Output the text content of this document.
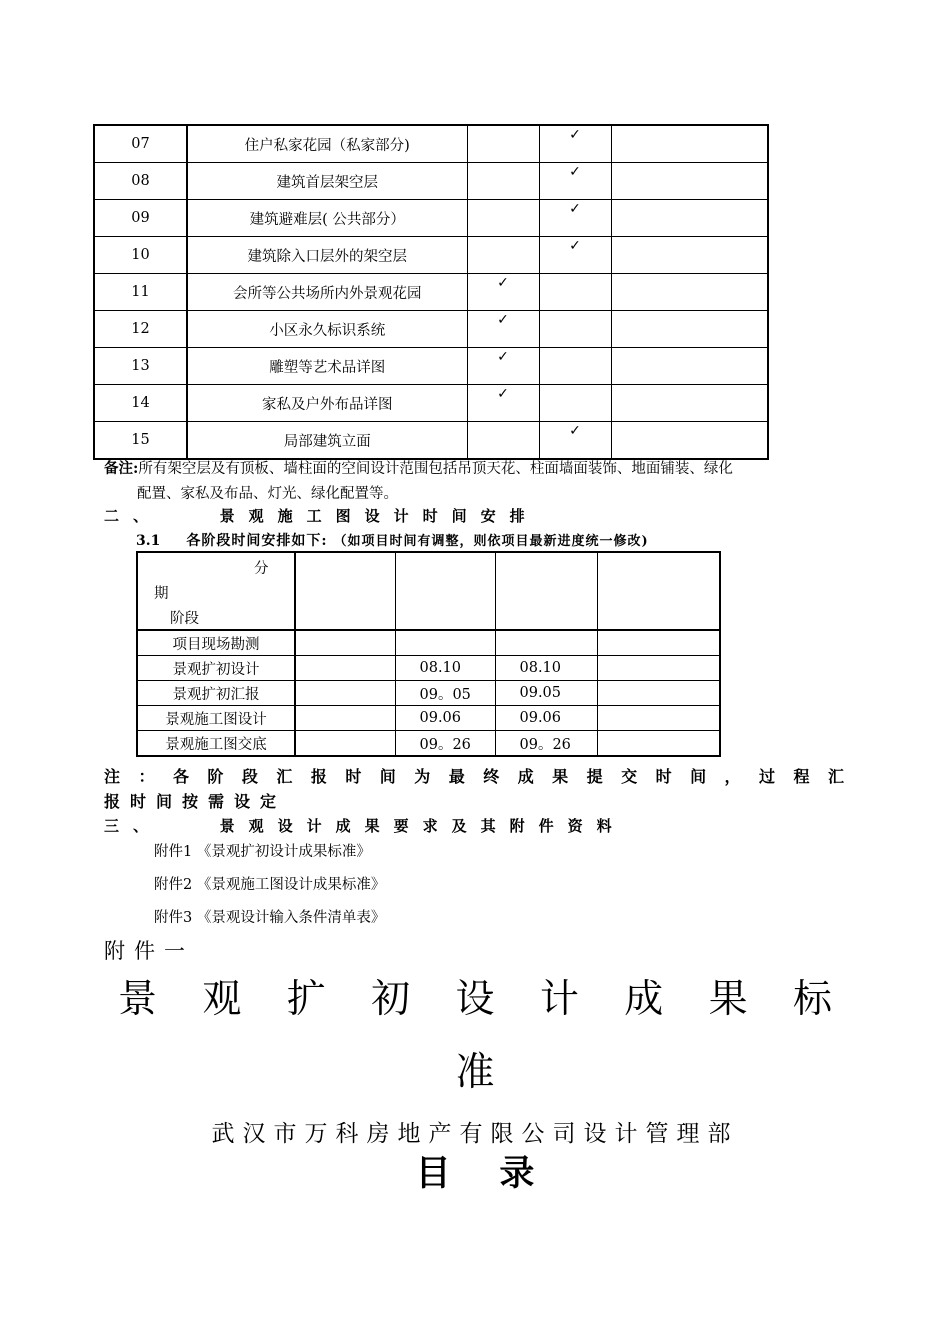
07	住户私家花园（私家部分)		✓	
08	建筑首层架空层		✓	
09	建筑避难层( 公共部分）		✓	
10	建筑除入口层外的架空层		✓	
11	会所等公共场所内外景观花园	✓		
12	小区永久标识系统	✓		
13	雕塑等艺术品详图	✓		
14	家私及户外布品详图	✓		
15	局部建筑立面		✓	
备注:所有架空层及有顶板、墙柱面的空间设计范围包括吊顶天花、柱面墙面装饰、地面铺装、绿化
配置、家私及布品、灯光、绿化配置等。
二、   景观施工图设计时间安排
3.1 各阶段时间安排如下: （如项目时间有调整，则依项目最新进度统一修改)
分
期
阶段				

项目现场勘测				
景观扩初设计		08.10	08.10	
景观扩初汇报		09。05	09.05	
景观施工图设计		09.06	09.06	
景观施工图交底		09。26	09。26	
注：各阶段汇报时间为最终成果提交时间，过程汇
报时间按需设定
三、   景观设计成果要求及其附件资料
附件1 《景观扩初设计成果标准》
附件2 《景观施工图设计成果标准》
附件3 《景观设计输入条件清单表》
附件一
景观扩初设计成果标
准
武汉市万科房地产有限公司设计管理部
目    录
